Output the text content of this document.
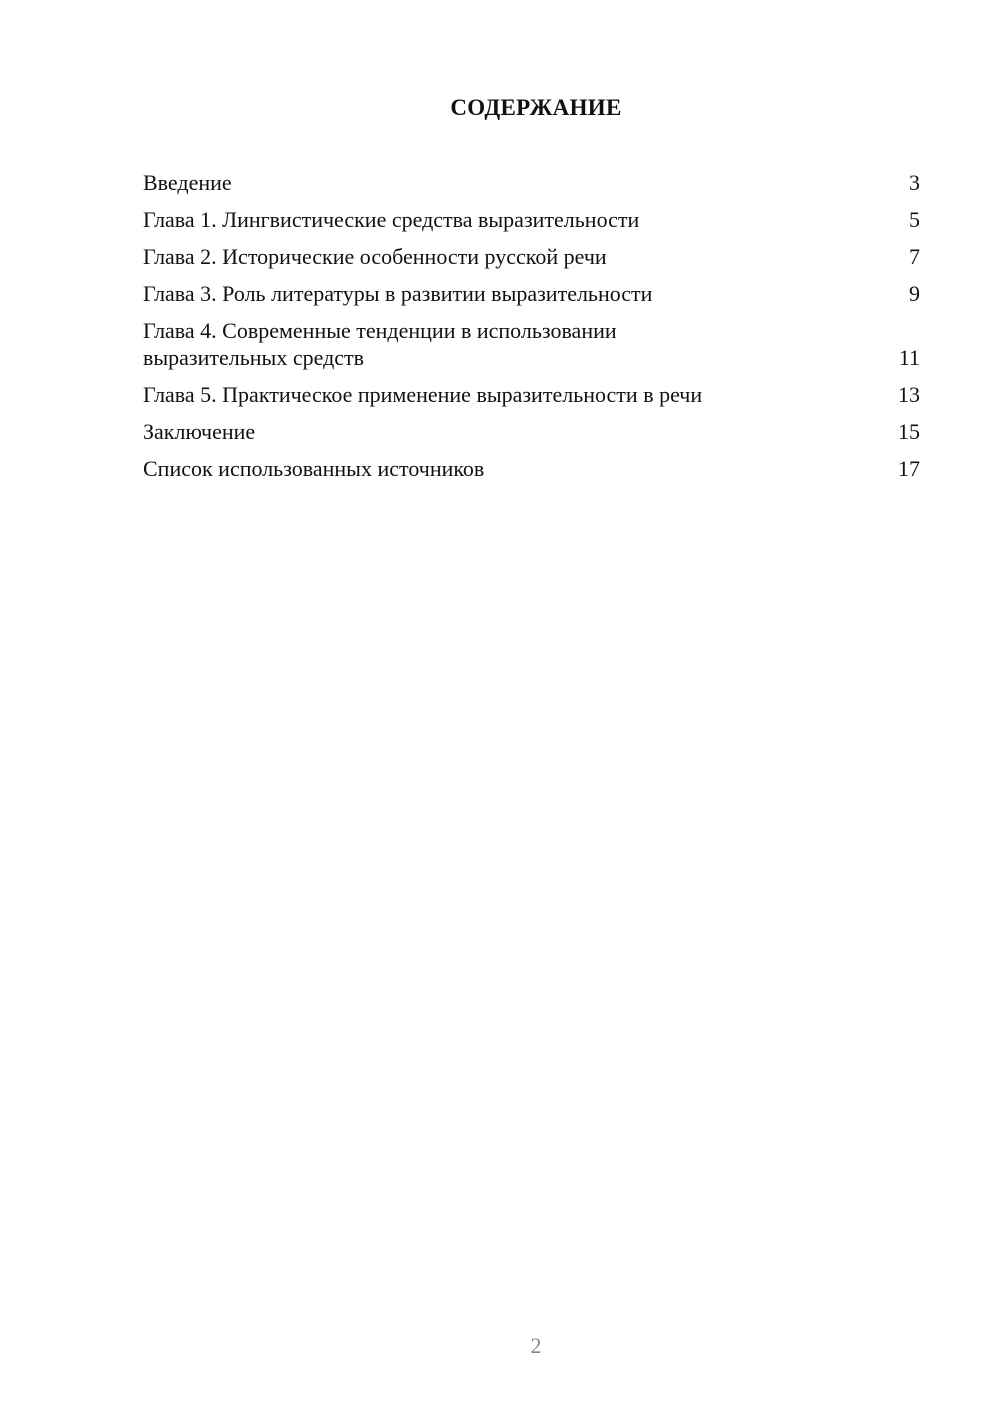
СОДЕРЖАНИЕ
Введение	3
Глава 1. Лингвистические средства выразительности	5
Глава 2. Исторические особенности русской речи	7
Глава 3. Роль литературы в развитии выразительности	9
Глава 4. Современные тенденции в использовании
выразительных средств	11
Глава 5. Практическое применение выразительности в речи	13
Заключение	15
Список использованных источников	17
2
